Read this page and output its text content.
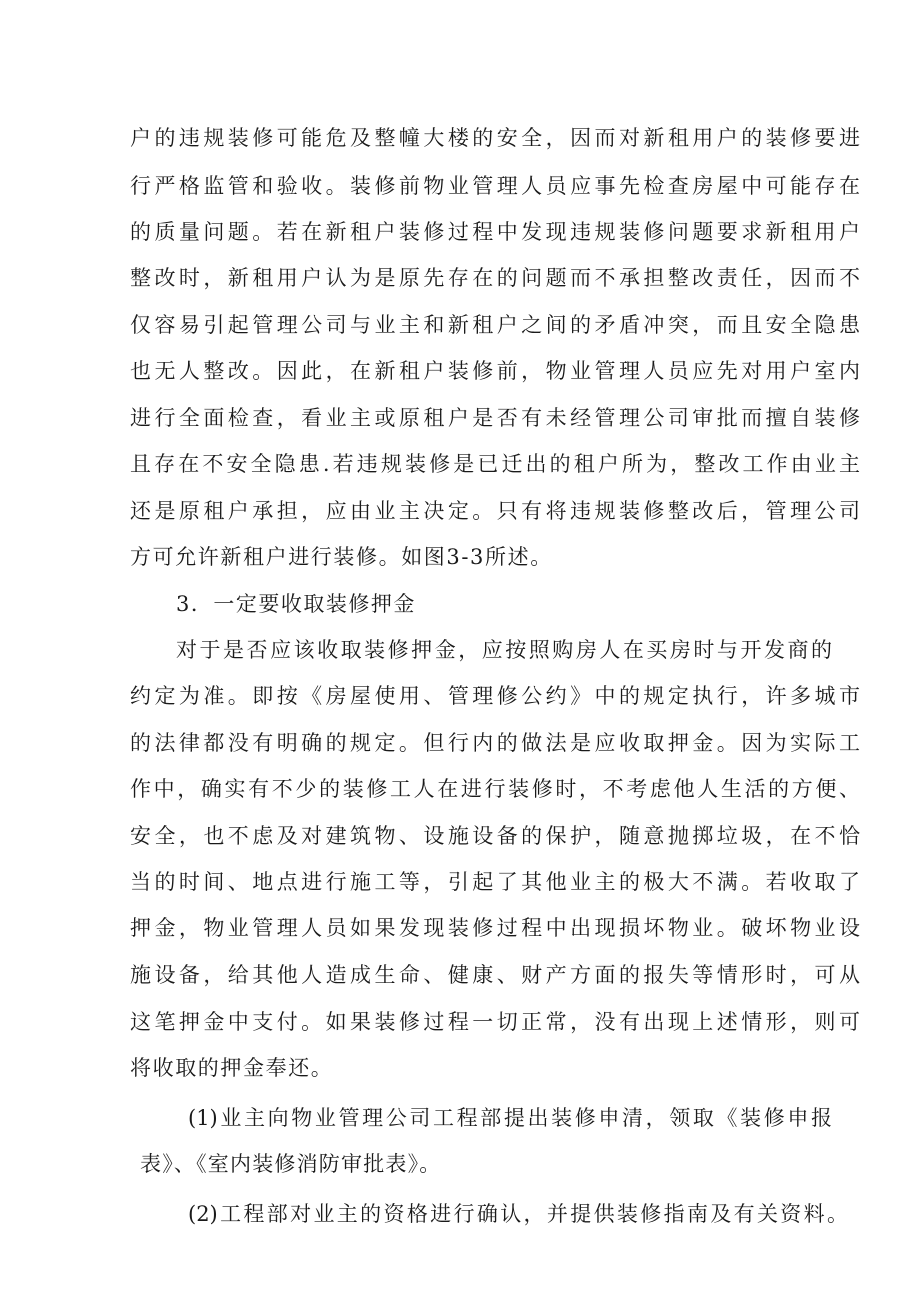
户的违规装修可能危及整幢大楼的安全，因而对新租用户的装修要进
行严格监管和验收。装修前物业管理人员应事先检查房屋中可能存在
的质量问题。若在新租户装修过程中发现违规装修问题要求新租用户
整改时，新租用户认为是原先存在的问题而不承担整改责任，因而不
仅容易引起管理公司与业主和新租户之间的矛盾冲突，而且安全隐患
也无人整改。因此，在新租户装修前，物业管理人员应先对用户室内
进行全面检查，看业主或原租户是否有未经管理公司审批而擅自装修
且存在不安全隐患.若违规装修是已迁出的租户所为，整改工作由业主
还是原租户承担，应由业主决定。只有将违规装修整改后，管理公司
方可允许新租户进行装修。如图3-3所述。
3．一定要收取装修押金
对于是否应该收取装修押金，应按照购房人在买房时与开发商的
约定为准。即按《房屋使用、管理修公约》中的规定执行，许多城市
的法律都没有明确的规定。但行内的做法是应收取押金。因为实际工
作中，确实有不少的装修工人在进行装修时，不考虑他人生活的方便、
安全，也不虑及对建筑物、设施设备的保护，随意抛掷垃圾，在不恰
当的时间、地点进行施工等，引起了其他业主的极大不满。若收取了
押金，物业管理人员如果发现装修过程中出现损坏物业。破坏物业设
施设备，给其他人造成生命、健康、财产方面的报失等情形时，可从
这笔押金中支付。如果装修过程一切正常，没有出现上述情形，则可
将收取的押金奉还。
(1)业主向物业管理公司工程部提出装修申清，领取《装修申报
表》、《室内装修消防审批表》。
(2)工程部对业主的资格进行确认，并提供装修指南及有关资料。
